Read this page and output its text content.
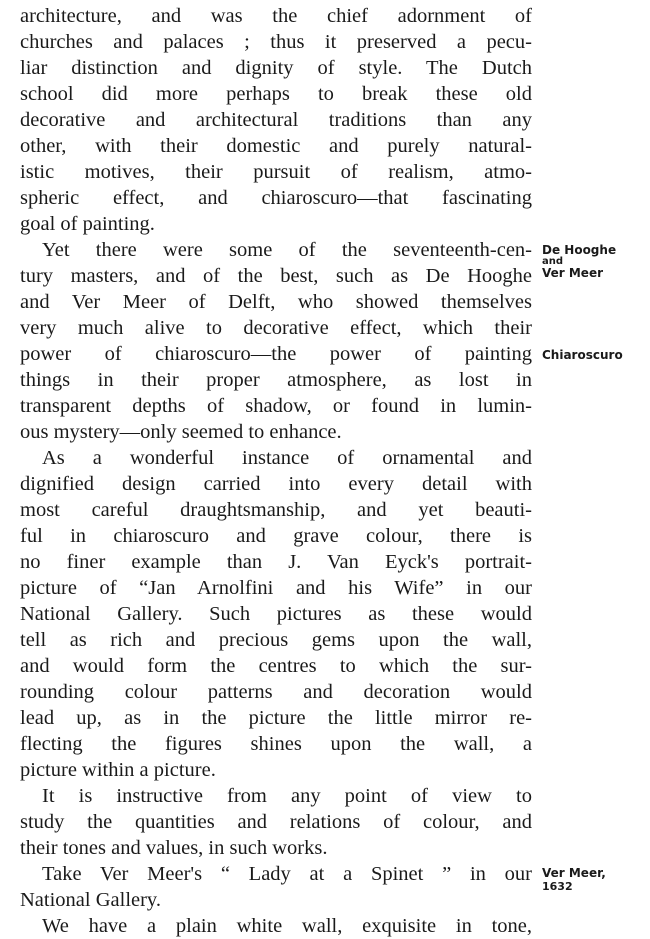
architecture, and was the chief adornment of
churches and palaces ; thus it preserved a pecu-
liar distinction and dignity of style. The Dutch
school did more perhaps to break these old
decorative and architectural traditions than any
other, with their domestic and purely natural-
istic motives, their pursuit of realism, atmo-
spheric effect, and chiaroscuro—that fascinating
goal of painting.
Yet there were some of the seventeenth-cen-
tury masters, and of the best, such as De Hooghe
and Ver Meer of Delft, who showed themselves
very much alive to decorative effect, which their
power of chiaroscuro—the power of painting
things in their proper atmosphere, as lost in
transparent depths of shadow, or found in lumin-
ous mystery—only seemed to enhance.
As a wonderful instance of ornamental and
dignified design carried into every detail with
most careful draughtsmanship, and yet beauti-
ful in chiaroscuro and grave colour, there is
no finer example than J. Van Eyck's portrait-
picture of “Jan Arnolfini and his Wife” in our
National Gallery. Such pictures as these would
tell as rich and precious gems upon the wall,
and would form the centres to which the sur-
rounding colour patterns and decoration would
lead up, as in the picture the little mirror re-
flecting the figures shines upon the wall, a
picture within a picture.
It is instructive from any point of view to
study the quantities and relations of colour, and
their tones and values, in such works.
Take Ver Meer's “ Lady at a Spinet ” in our
National Gallery.
We have a plain white wall, exquisite in tone,
De Hooghe
and
Ver Meer
Chiaroscuro
Ver Meer,
1632
